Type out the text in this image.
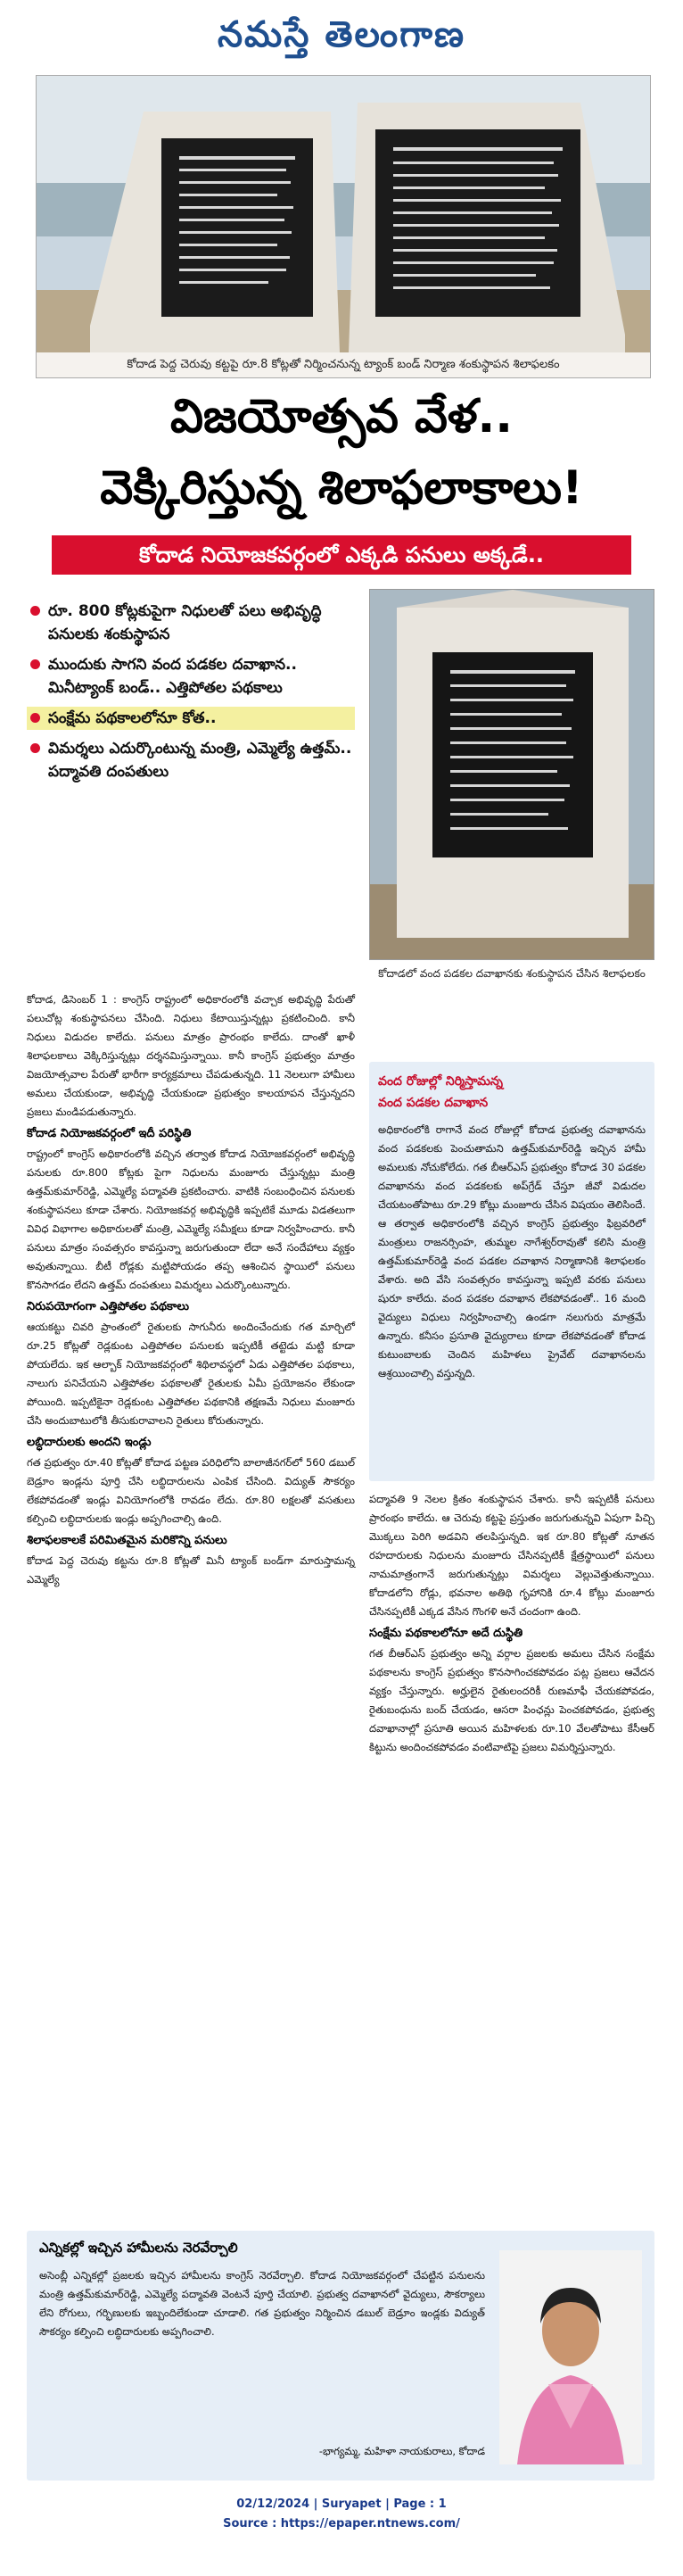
నమస్తే తెలంగాణ
కోదాడ పెద్ద చెరువు కట్టపై రూ.8 కోట్లతో నిర్మించనున్న ట్యాంక్ బండ్ నిర్మాణ శంకుస్థాపన శిలాఫలకం
విజయోత్సవ వేళ..
వెక్కిరిస్తున్న శిలాఫలాకాలు!
కోదాడ నియోజకవర్గంలో ఎక్కడి పనులు అక్కడే..
రూ. 800 కోట్లకుపైగా నిధులతో పలు అభివృద్ధి పనులకు శంకుస్థాపన
ముందుకు సాగని వంద పడకల దవాఖాన.. మినీట్యాంక్ బండ్.. ఎత్తిపోతల పథకాలు
సంక్షేమ పథకాలలోనూ కోత..
విమర్శలు ఎదుర్కొంటున్న మంత్రి, ఎమ్మెల్యే ఉత్తమ్.. పద్మావతి దంపతులు
కోదాడలో వంద పడకల దవాఖానకు శంకుస్థాపన చేసిన శిలాఫలకం

కోదాడ, డిసెంబర్ 1 : కాంగ్రెస్ రాష్ట్రంలో అధికారంలోకి వచ్చాక అభివృద్ధి పేరుతో పలుచోట్ల శంకుస్థాపనలు చేసింది. నిధులు కేటాయిస్తున్నట్లు ప్రకటించింది. కానీ నిధులు విడుదల కాలేదు. పనులు మాత్రం ప్రారంభం కాలేదు. దాంతో ఖాళీ శిలాఫలకాలు వెక్కిరిస్తున్నట్లు దర్శనమిస్తున్నాయి. కానీ కాంగ్రెస్ ప్రభుత్వం మాత్రం విజయోత్సవాల పేరుతో భారీగా కార్యక్రమాలు చేపడుతున్నది. 11 నెలలుగా హామీలు అమలు చేయకుండా, అభివృద్ధి చేయకుండా ప్రభుత్వం కాలయాపన చేస్తున్నదని ప్రజలు మండిపడుతున్నారు.

కోదాడ నియోజకవర్గంలో ఇదీ పరిస్థితి

రాష్ట్రంలో కాంగ్రెస్ అధికారంలోకి వచ్చిన తర్వాత కోదాడ నియోజకవర్గంలో అభివృద్ధి పనులకు రూ.800 కోట్లకు పైగా నిధులను మంజూరు చేస్తున్నట్లు మంత్రి ఉత్తమ్‌కుమార్‌రెడ్డి, ఎమ్మెల్యే పద్మావతి ప్రకటించారు. వాటికి సంబంధించిన పనులకు శంకుస్థాపనలు కూడా చేశారు. నియోజకవర్గ అభివృద్ధికి ఇప్పటికే మూడు విడతలుగా వివిధ విభాగాల అధికారులతో మంత్రి, ఎమ్మెల్యే సమీక్షలు కూడా నిర్వహించారు. కానీ పనులు మాత్రం సంవత్సరం కావస్తున్నా జరుగుతుందా లేదా అనే సందేహాలు వ్యక్తం అవుతున్నాయి. బీటీ రోడ్లకు మట్టిపోయడం తప్ప ఆశించిన స్థాయిలో పనులు కొనసాగడం లేదని ఉత్తమ్ దంపతులు విమర్శలు ఎదుర్కొంటున్నారు.

నిరుపయోగంగా ఎత్తిపోతల పథకాలు

ఆయకట్టు చివరి ప్రాంతంలో రైతులకు సాగునీరు అందించేందుకు గత మార్చిలో రూ.25 కోట్లతో రెడ్లకుంట ఎత్తిపోతల పనులకు ఇప్పటికీ తట్టెడు మట్టి కూడా పోయలేదు. ఇక ఆల్బాక్ నియోజకవర్గంలో శిథిలావస్థలో ఏడు ఎత్తిపోతల పథకాలు, నాలుగు పనిచేయని ఎత్తిపోతల పథకాలతో రైతులకు ఏమీ ప్రయోజనం లేకుండా పోయింది. ఇప్పటికైనా రెడ్లకుంట ఎత్తిపోతల పథకానికి తక్షణమే నిధులు మంజూరు చేసి అందుబాటులోకి తీసుకురావాలని రైతులు కోరుతున్నారు.

లబ్ధిదారులకు అందని ఇండ్లు

గత ప్రభుత్వం రూ.40 కోట్లతో కోదాడ పట్టణ పరిధిలోని బాలాజీనగర్‌లో 560 డబుల్ బెడ్రూం ఇండ్లను పూర్తి చేసి లబ్ధిదారులను ఎంపిక చేసింది. విద్యుత్ సౌకర్యం లేకపోవడంతో ఇండ్లు వినియోగంలోకి రావడం లేదు. రూ.80 లక్షలతో వసతులు కల్పించి లబ్ధిదారులకు ఇండ్లు అప్పగించాల్సి ఉంది.

శిలాఫలకాలకే పరిమితమైన మరికొన్ని పనులు

కోదాడ పెద్ద చెరువు కట్టను రూ.8 కోట్లతో మినీ ట్యాంక్ బండ్‌గా మారుస్తామన్న ఎమ్మెల్యే

వంద రోజుల్లో నిర్మిస్తామన్న
వంద పడకల దవాఖాన
అధికారంలోకి రాగానే వంద రోజుల్లో కోదాడ ప్రభుత్వ దవాఖానను వంద పడకలకు పెంచుతామని ఉత్తమ్‌కుమార్‌రెడ్డి ఇచ్చిన హామీ అమలుకు నోచుకోలేదు. గత బీఆర్ఎస్ ప్రభుత్వం కోదాడ 30 పడకల దవాఖానను వంద పడకలకు అప్‌గ్రేడ్ చేస్తూ జీవో విడుదల చేయటంతోపాటు రూ.29 కోట్లు మంజూరు చేసిన విషయం తెలిసిందే. ఆ తర్వాత అధికారంలోకి వచ్చిన కాంగ్రెస్ ప్రభుత్వం ఫిబ్రవరిలో మంత్రులు రాజనర్సింహ, తుమ్మల నాగేశ్వర్‌రావుతో కలిసి మంత్రి ఉత్తమ్‌కుమార్‌రెడ్డి వంద పడకల దవాఖాన నిర్మాణానికి శిలాఫలకం వేశారు. అది వేసి సంవత్సరం కావస్తున్నా ఇప్పటి వరకు పనులు షురూ కాలేదు. వంద పడకల దవాఖాన లేకపోవడంతో.. 16 మంది వైద్యులు విధులు నిర్వహించాల్సి ఉండగా నలుగురు మాత్రమే ఉన్నారు. కనీసం ప్రసూతి వైద్యురాలు కూడా లేకపోవడంతో కోదాడ కుటుంబాలకు చెందిన మహిళలు ప్రైవేట్ దవాఖానలను ఆశ్రయించాల్సి వస్తున్నది.

పద్మావతి 9 నెలల క్రితం శంకుస్థాపన చేశారు. కానీ ఇప్పటికీ పనులు ప్రారంభం కాలేదు. ఆ చెరువు కట్టపై ప్రస్తుతం జరుగుతున్నవి ఏపుగా పిచ్చి మొక్కలు పెరిగి అడవిని తలపిస్తున్నది. ఇక రూ.80 కోట్లతో నూతన రహదారులకు నిధులను మంజూరు చేసినప్పటికీ క్షేత్రస్థాయిలో పనులు నామమాత్రంగానే జరుగుతున్నట్లు విమర్శలు వెల్లువెత్తుతున్నాయి. కోదాడలోని రోడ్లు, భవనాల అతిథి గృహానికి రూ.4 కోట్లు మంజూరు చేసినప్పటికీ ఎక్కడ వేసిన గొంగళి అనే చందంగా ఉంది.

సంక్షేమ పథకాలలోనూ అదే దుస్థితి

గత బీఆర్ఎస్ ప్రభుత్వం అన్ని వర్గాల ప్రజలకు అమలు చేసిన సంక్షేమ పథకాలను కాంగ్రెస్ ప్రభుత్వం కొనసాగించకపోవడం పట్ల ప్రజలు ఆవేదన వ్యక్తం చేస్తున్నారు. అర్హులైన రైతులందరికీ రుణమాఫీ చేయకపోవడం, రైతుబంధును బంద్ చేయడం, ఆసరా పింఛన్లు పెంచకపోవడం, ప్రభుత్వ దవాఖానాల్లో ప్రసూతి అయిన మహిళలకు రూ.10 వేలతోపాటు కేసీఆర్ కిట్టును అందించకపోవడం వంటివాటిపై ప్రజలు విమర్శిస్తున్నారు.

ఎన్నికల్లో ఇచ్చిన హామీలను నెరవేర్చాలి
అసెంబ్లీ ఎన్నికల్లో ప్రజలకు ఇచ్చిన హామీలను కాంగ్రెస్ నెరవేర్చాలి. కోదాడ నియోజకవర్గంలో చేపట్టిన పనులను మంత్రి ఉత్తమ్‌కుమార్‌రెడ్డి, ఎమ్మెల్యే పద్మావతి వెంటనే పూర్తి చేయాలి. ప్రభుత్వ దవాఖానలో వైద్యులు, సౌకర్యాలు లేని రోగులు, గర్భిణులకు ఇబ్బందిలేకుండా చూడాలి. గత ప్రభుత్వం నిర్మించిన డబుల్ బెడ్రూం ఇండ్లకు విద్యుత్ సౌకర్యం కల్పించి లబ్ధిదారులకు అప్పగించాలి.
-భాగ్యమ్మ, మహిళా నాయకురాలు, కోదాడ
02/12/2024 | Suryapet | Page : 1
Source : https://epaper.ntnews.com/
